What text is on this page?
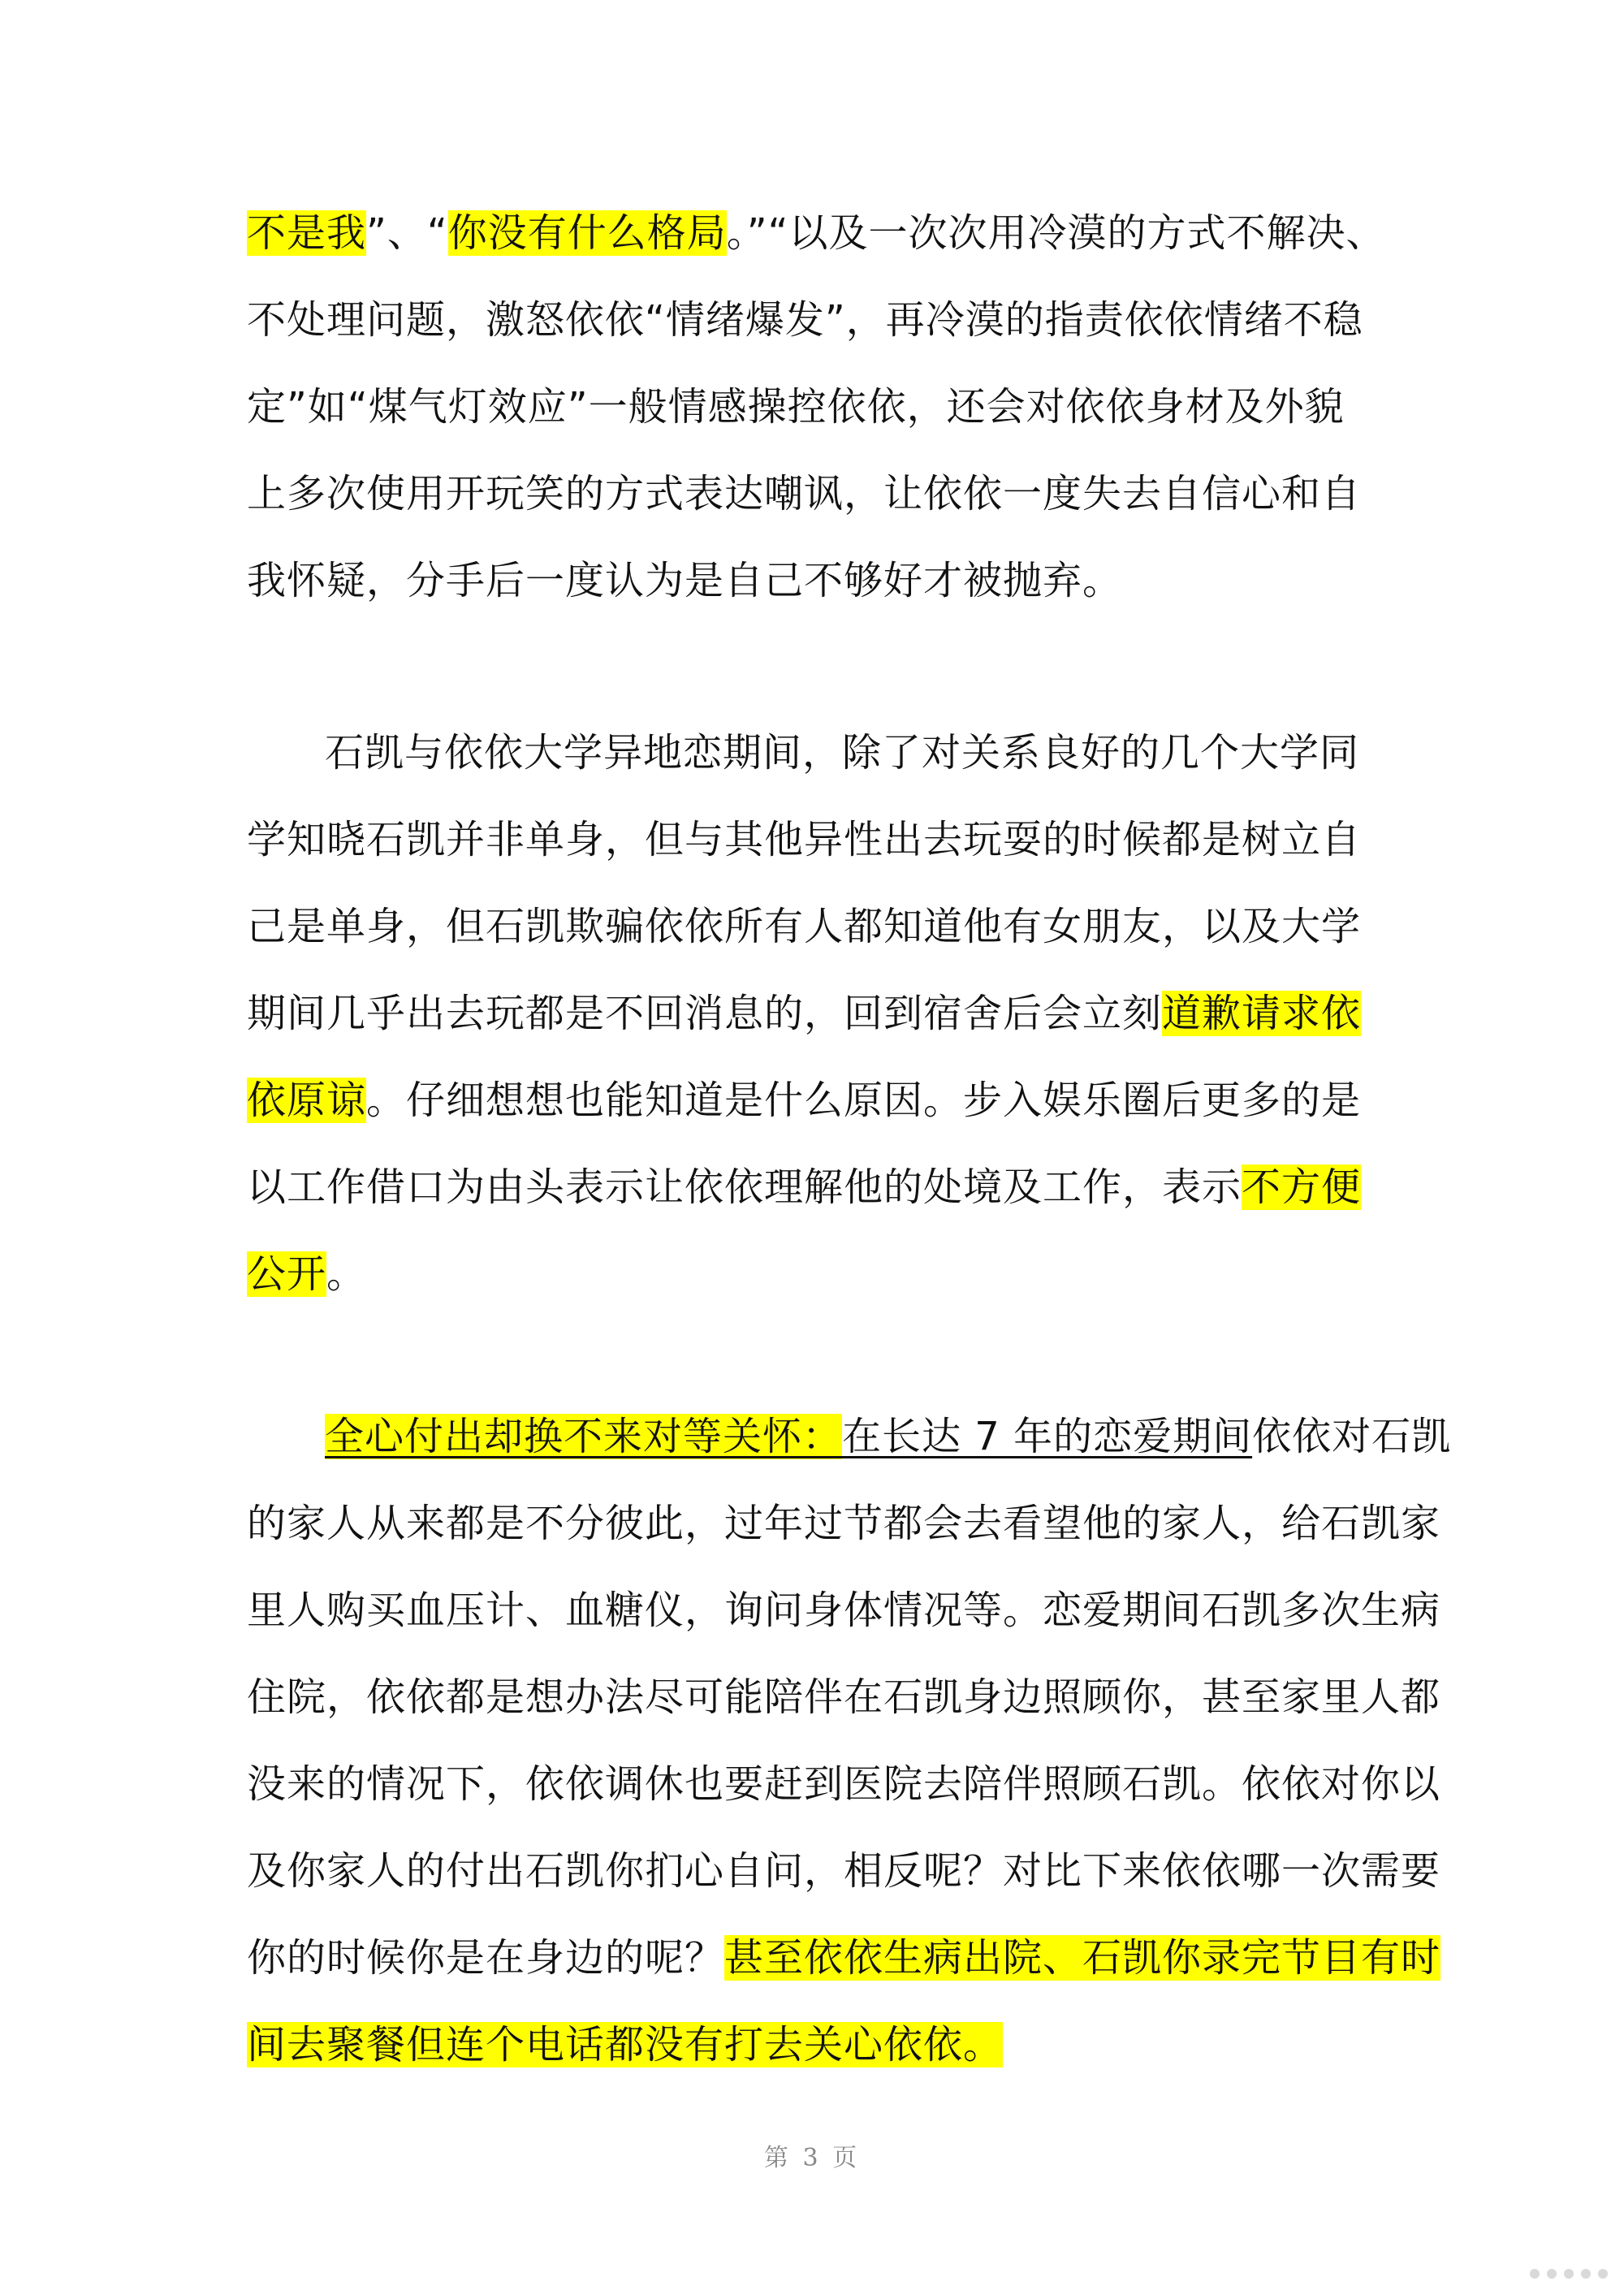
不是我”、“你没有什么格局。”“以及一次次用冷漠的方式不解决、
不处理问题，激怒依依“情绪爆发”，再冷漠的指责依依情绪不稳
定”如“煤气灯效应”一般情感操控依依，还会对依依身材及外貌
上多次使用开玩笑的方式表达嘲讽，让依依一度失去自信心和自
我怀疑，分手后一度认为是自己不够好才被抛弃。
石凯与依依大学异地恋期间，除了对关系良好的几个大学同
学知晓石凯并非单身，但与其他异性出去玩耍的时候都是树立自
己是单身，但石凯欺骗依依所有人都知道他有女朋友，以及大学
期间几乎出去玩都是不回消息的，回到宿舍后会立刻道歉请求依
依原谅。仔细想想也能知道是什么原因。步入娱乐圈后更多的是
以工作借口为由头表示让依依理解他的处境及工作，表示不方便
公开。
全心付出却换不来对等关怀：在长达 7 年的恋爱期间依依对石凯
的家人从来都是不分彼此，过年过节都会去看望他的家人，给石凯家
里人购买血压计、血糖仪，询问身体情况等。恋爱期间石凯多次生病
住院，依依都是想办法尽可能陪伴在石凯身边照顾你，甚至家里人都
没来的情况下，依依调休也要赶到医院去陪伴照顾石凯。依依对你以
及你家人的付出石凯你扪心自问，相反呢？对比下来依依哪一次需要
你的时候你是在身边的呢？甚至依依生病出院、石凯你录完节目有时
间去聚餐但连个电话都没有打去关心依依。
第 3 页
